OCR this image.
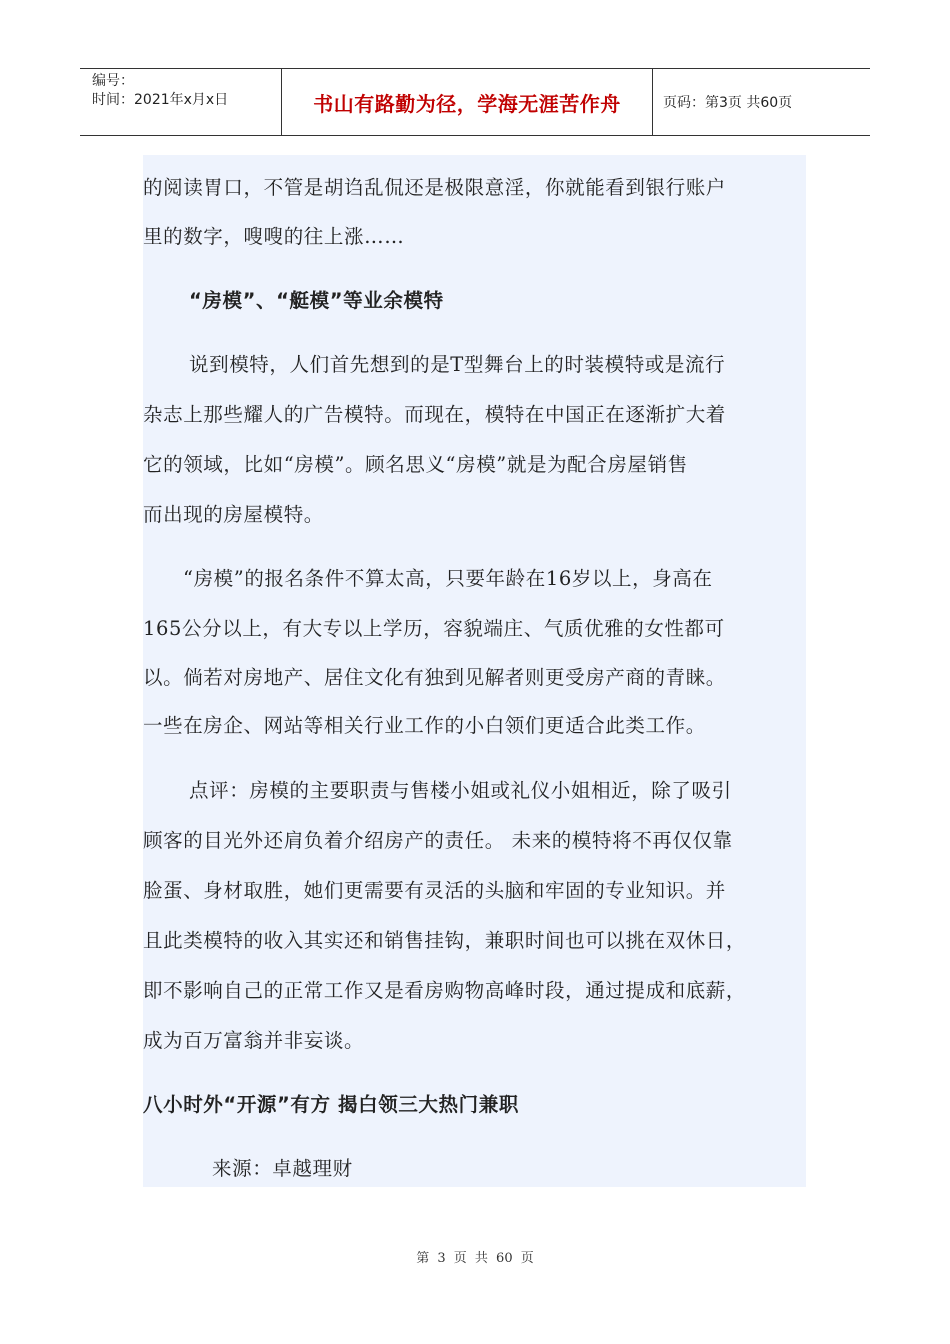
编号：
时间：2021年x月x日	书山有路勤为径，学海无涯苦作舟	页码：第3页 共60页
的阅读胃口，不管是胡诌乱侃还是极限意淫，你就能看到银行账户
里的数字，嗖嗖的往上涨……
“房模”、“艇模”等业余模特
说到模特，人们首先想到的是T型舞台上的时装模特或是流行
杂志上那些耀人的广告模特。而现在，模特在中国正在逐渐扩大着
它的领域，比如“房模”。顾名思义“房模”就是为配合房屋销售
而出现的房屋模特。
“房模”的报名条件不算太高，只要年龄在16岁以上，身高在
165公分以上，有大专以上学历，容貌端庄、气质优雅的女性都可
以。倘若对房地产、居住文化有独到见解者则更受房产商的青睐。
一些在房企、网站等相关行业工作的小白领们更适合此类工作。
点评：房模的主要职责与售楼小姐或礼仪小姐相近，除了吸引
顾客的目光外还肩负着介绍房产的责任。 未来的模特将不再仅仅靠
脸蛋、身材取胜，她们更需要有灵活的头脑和牢固的专业知识。并
且此类模特的收入其实还和销售挂钩，兼职时间也可以挑在双休日，
即不影响自己的正常工作又是看房购物高峰时段，通过提成和底薪，
成为百万富翁并非妄谈。
八小时外“开源”有方 揭白领三大热门兼职
来源：卓越理财
第 3 页 共 60 页
